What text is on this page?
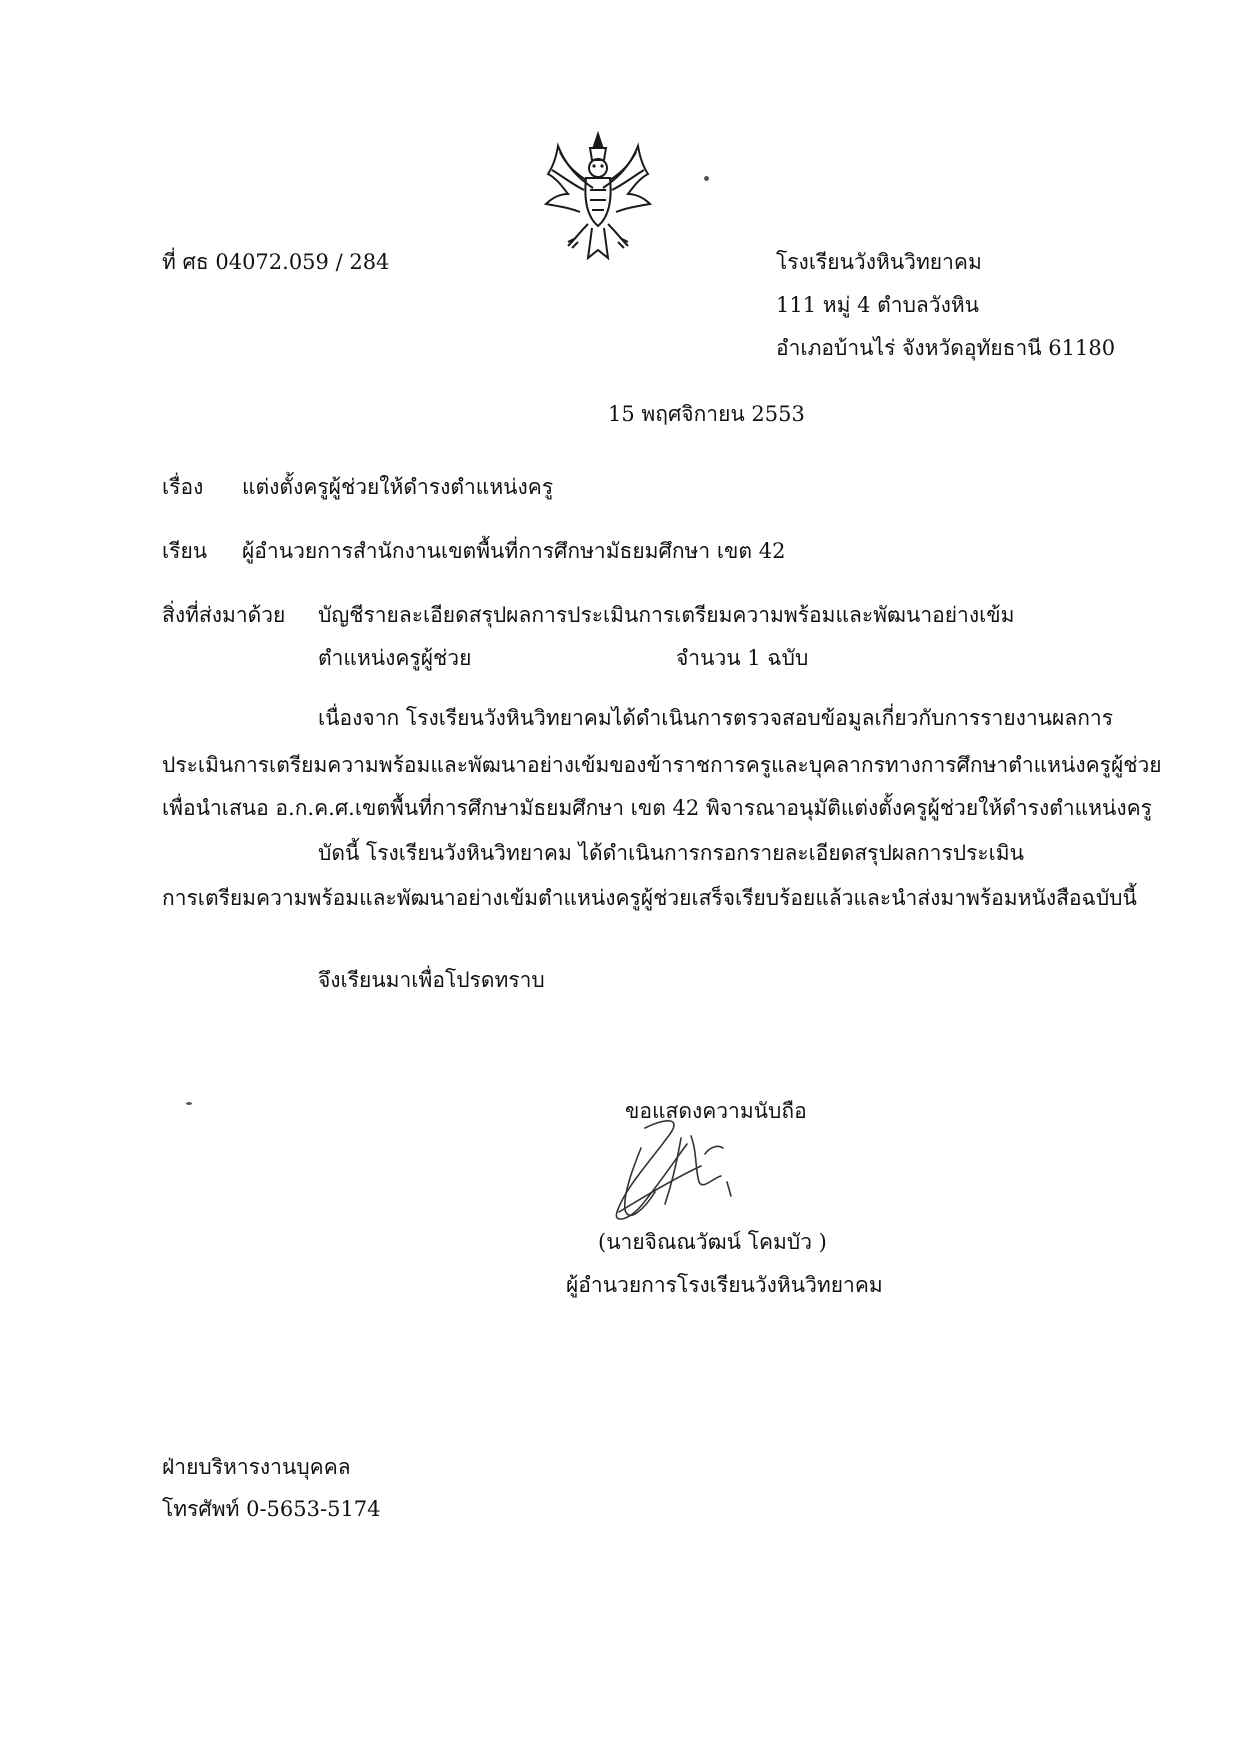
ที่ ศธ 04072.059 / 284	โรงเรียนวังหินวิทยาคม
111 หมู่ 4 ตำบลวังหิน
อำเภอบ้านไร่ จังหวัดอุทัยธานี 61180
15 พฤศจิกายน 2553
เรื่อง แต่งตั้งครูผู้ช่วยให้ดำรงตำแหน่งครู
เรียน ผู้อำนวยการสำนักงานเขตพื้นที่การศึกษามัธยมศึกษา เขต 42
สิ่งที่ส่งมาด้วย บัญชีรายละเอียดสรุปผลการประเมินการเตรียมความพร้อมและพัฒนาอย่างเข้ม
ตำแหน่งครูผู้ช่วย	จำนวน 1 ฉบับ
เนื่องจาก โรงเรียนวังหินวิทยาคมได้ดำเนินการตรวจสอบข้อมูลเกี่ยวกับการรายงานผลการ
ประเมินการเตรียมความพร้อมและพัฒนาอย่างเข้มของข้าราชการครูและบุคลากรทางการศึกษาตำแหน่งครูผู้ช่วย
เพื่อนำเสนอ อ.ก.ค.ศ.เขตพื้นที่การศึกษามัธยมศึกษา เขต 42 พิจารณาอนุมัติแต่งตั้งครูผู้ช่วยให้ดำรงตำแหน่งครู
บัดนี้ โรงเรียนวังหินวิทยาคม ได้ดำเนินการกรอกรายละเอียดสรุปผลการประเมิน
การเตรียมความพร้อมและพัฒนาอย่างเข้มตำแหน่งครูผู้ช่วยเสร็จเรียบร้อยแล้วและนำส่งมาพร้อมหนังสือฉบับนี้
จึงเรียนมาเพื่อโปรดทราบ
ขอแสดงความนับถือ
(นายจิณณวัฒน์ โคมบัว )
ผู้อำนวยการโรงเรียนวังหินวิทยาคม
ฝ่ายบริหารงานบุคคล
โทรศัพท์ 0-5653-5174
